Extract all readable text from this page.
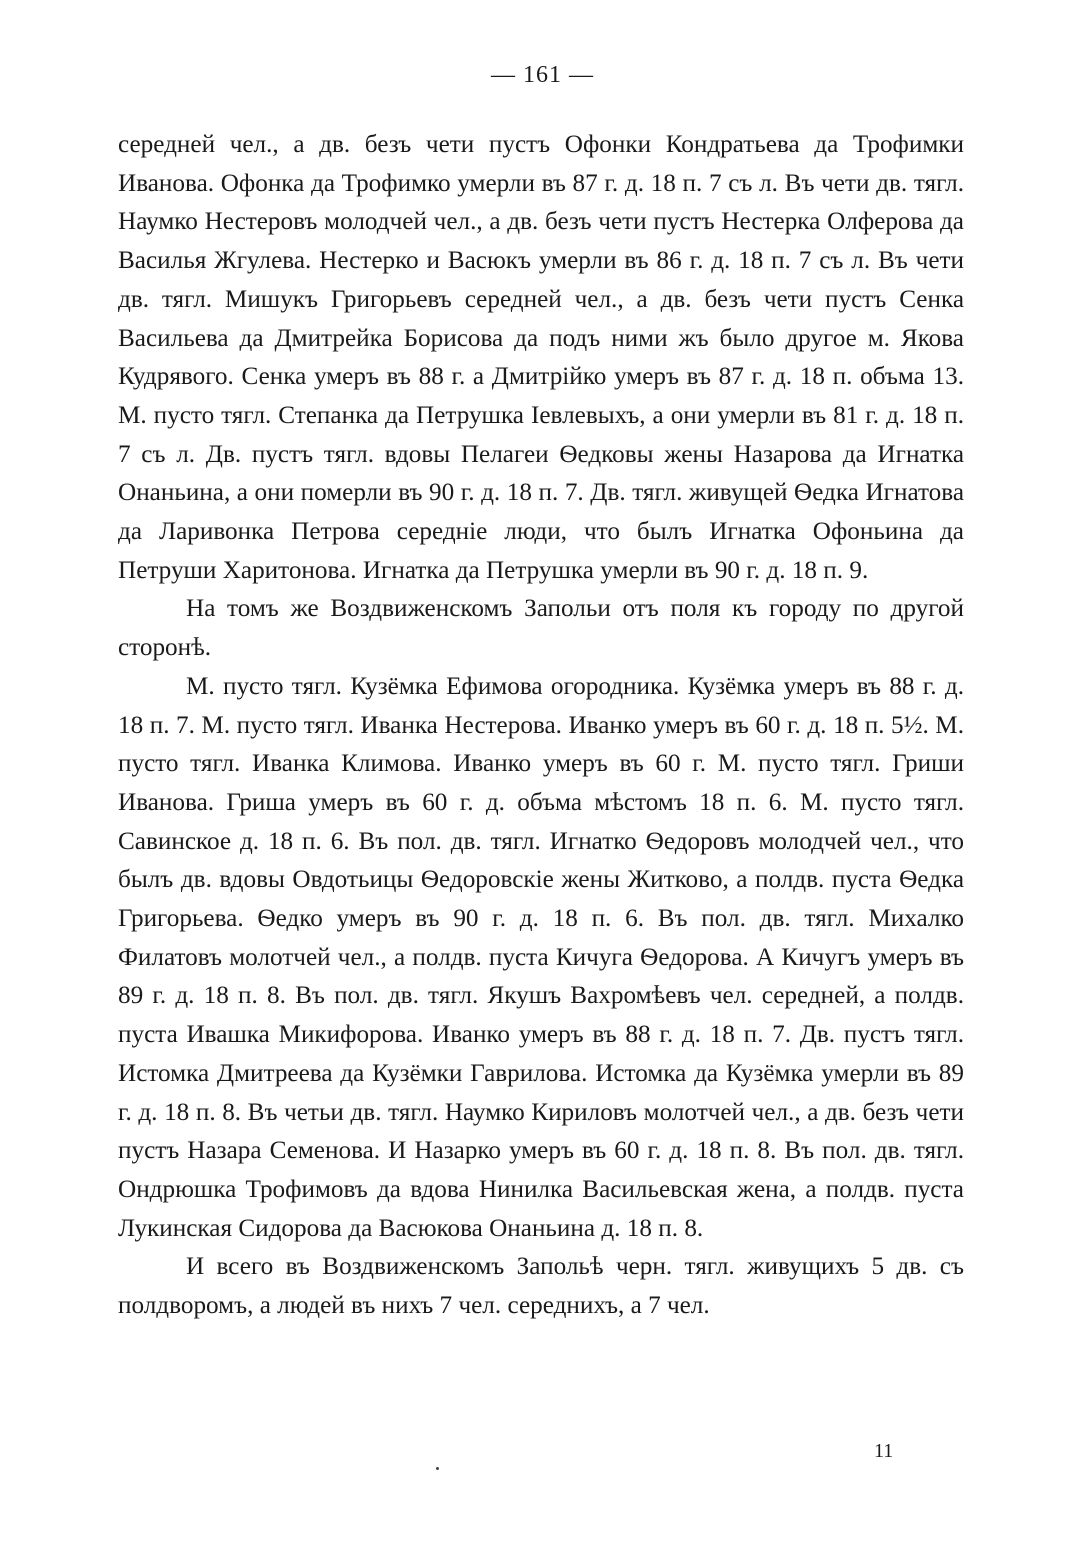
— 161 —

середней чел., а дв. безъ чети пустъ Офонки Кондратьева да Трофимки Иванова. Офонка да Трофимко умерли въ 87 г. д. 18 п. 7 съ л. Въ чети дв. тягл. Наумко Нестеровъ молодчей чел., а дв. безъ чети пустъ Нестерка Олферова да Василья Жгулева. Нестерко и Васюкъ умерли въ 86 г. д. 18 п. 7 съ л. Въ чети дв. тягл. Мишукъ Григорьевъ середней чел., а дв. безъ чети пустъ Сенка Васильева да Дмитрейка Борисова да подъ ними жъ было другое м. Якова Кудрявого. Сенка умеръ въ 88 г. а Дмитрійко умеръ въ 87 г. д. 18 п. объма 13. М. пусто тягл. Степанка да Петрушка Іевлевыхъ, а они умерли въ 81 г. д. 18 п. 7 съ л. Дв. пустъ тягл. вдовы Пелагеи Ѳедковы жены Назарова да Игнатка Онаньина, а они померли въ 90 г. д. 18 п. 7. Дв. тягл. живущей Ѳедка Игнатова да Ларивонка Петрова середніе люди, что былъ Игнатка Офоньина да Петруши Харитонова. Игнатка да Петрушка умерли въ 90 г. д. 18 п. 9.

На томъ же Воздвиженскомъ Запольи отъ поля къ городу по другой сторонѣ.

М. пусто тягл. Кузёмка Ефимова огородника. Кузёмка умеръ въ 88 г. д. 18 п. 7. М. пусто тягл. Иванка Нестерова. Иванко умеръ въ 60 г. д. 18 п. 5½. М. пусто тягл. Иванка Климова. Иванко умеръ въ 60 г. М. пусто тягл. Гриши Иванова. Гриша умеръ въ 60 г. д. объма мѣстомъ 18 п. 6. М. пусто тягл. Савинское д. 18 п. 6. Въ пол. дв. тягл. Игнатко Ѳедоровъ молодчей чел., что былъ дв. вдовы Овдотьицы Ѳедоровскіе жены Житково, а полдв. пуста Ѳедка Григорьева. Ѳедко умеръ въ 90 г. д. 18 п. 6. Въ пол. дв. тягл. Михалко Филатовъ молотчей чел., а полдв. пуста Кичуга Ѳедорова. А Кичугъ умеръ въ 89 г. д. 18 п. 8. Въ пол. дв. тягл. Якушъ Вахромѣевъ чел. середней, а полдв. пуста Ивашка Микифорова. Иванко умеръ въ 88 г. д. 18 п. 7. Дв. пустъ тягл. Истомка Дмитреева да Кузёмки Гаврилова. Истомка да Кузёмка умерли въ 89 г. д. 18 п. 8. Въ четьи дв. тягл. Наумко Кириловъ молотчей чел., а дв. безъ чети пустъ Назара Семенова. И Назарко умеръ въ 60 г. д. 18 п. 8. Въ пол. дв. тягл. Ондрюшка Трофимовъ да вдова Нинилка Васильевская жена, а полдв. пуста Лукинская Сидорова да Васюкова Онаньина д. 18 п. 8.

И всего въ Воздвиженскомъ Запольѣ черн. тягл. живущихъ 5 дв. съ полдворомъ, а людей въ нихъ 7 чел. середнихъ, а 7 чел.

11
